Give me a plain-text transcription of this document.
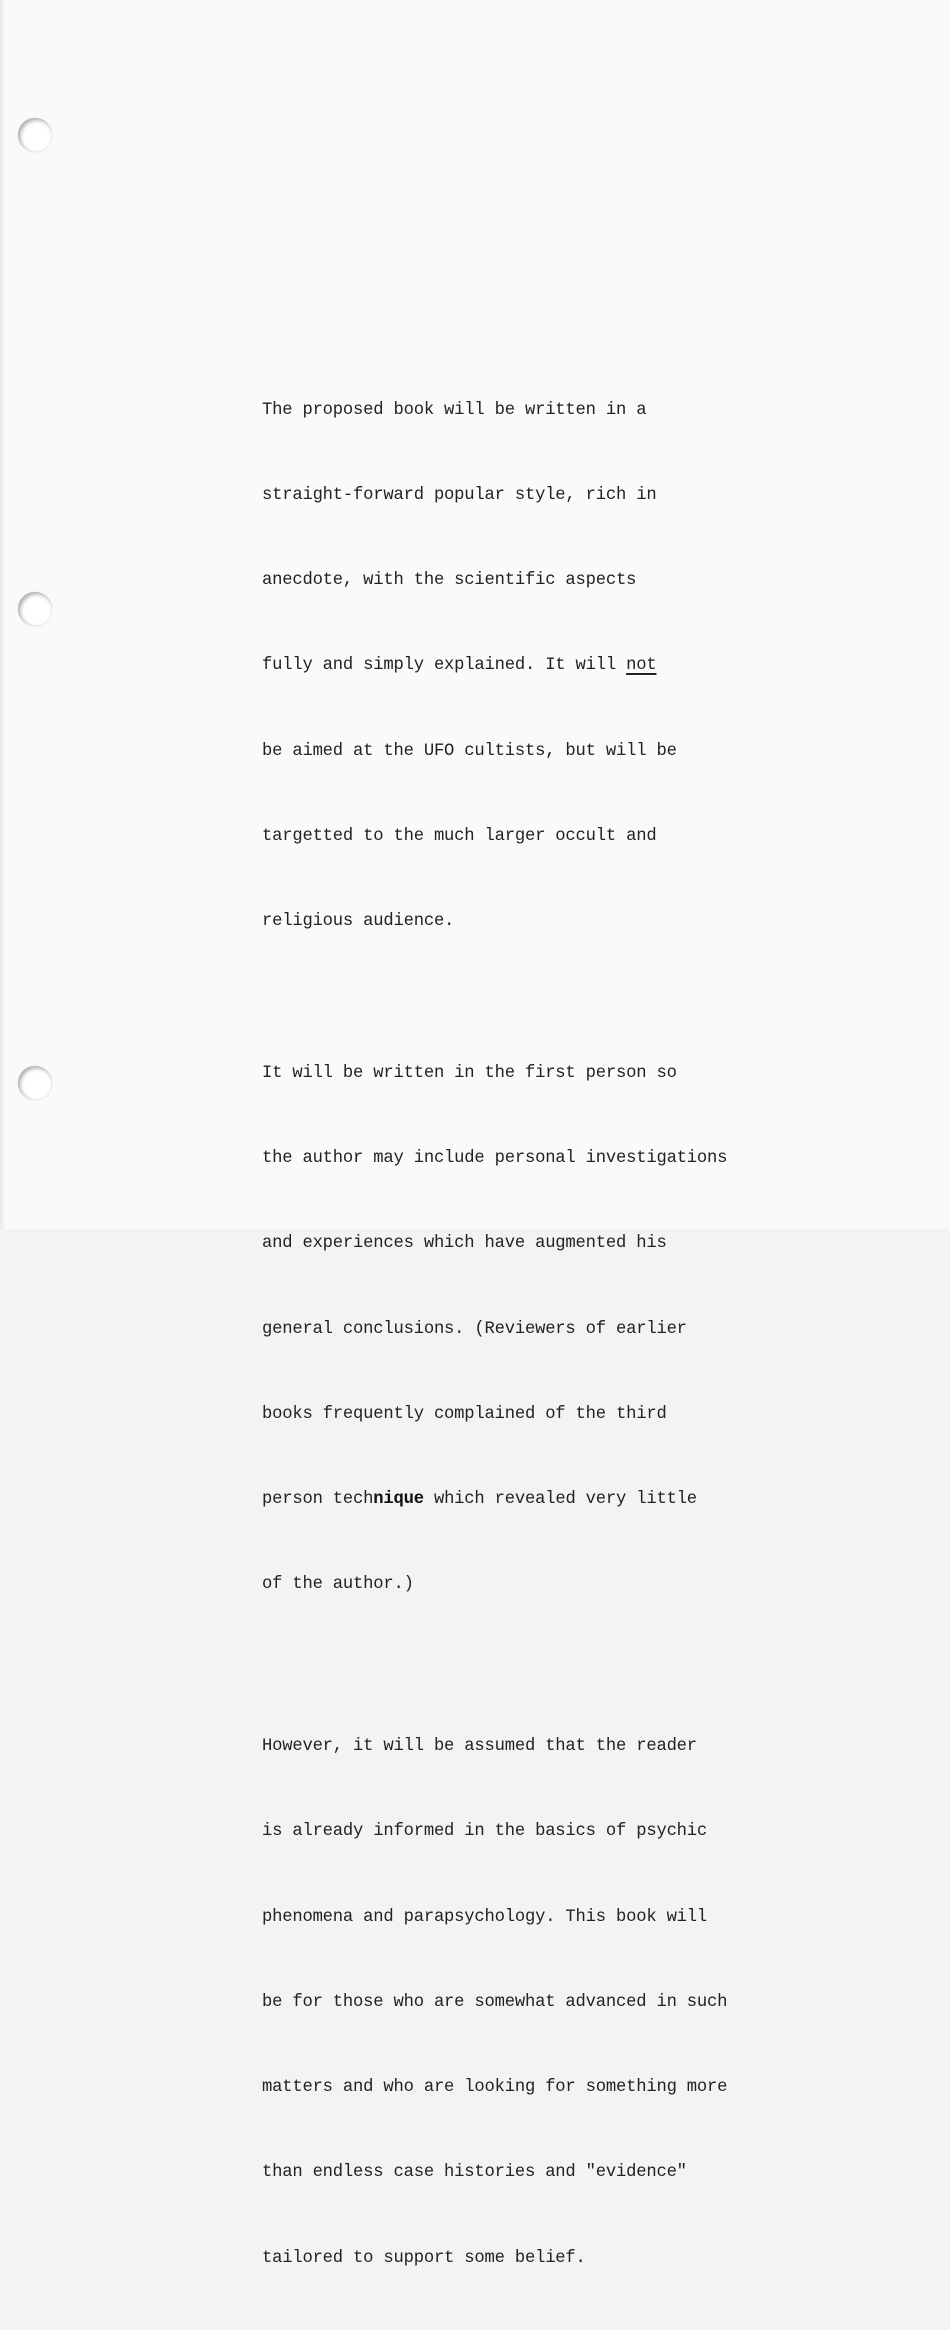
The proposed book will be written in a

straight-forward popular style, rich in

anecdote, with the scientific aspects

fully and simply explained. It will not

be aimed at the UFO cultists, but will be

targetted to the much larger occult and

religious audience.

It will be written in the first person so

the author may include personal investigations

and experiences which have augmented his

general conclusions. (Reviewers of earlier

books frequently complained of the third

person technique which revealed very little

of the author.)

However, it will be assumed that the reader

is already informed in the basics of psychic

phenomena and parapsychology. This book will

be for those who are somewhat advanced in such

matters and who are looking for something more

than endless case histories and "evidence"

tailored to support some belief.
